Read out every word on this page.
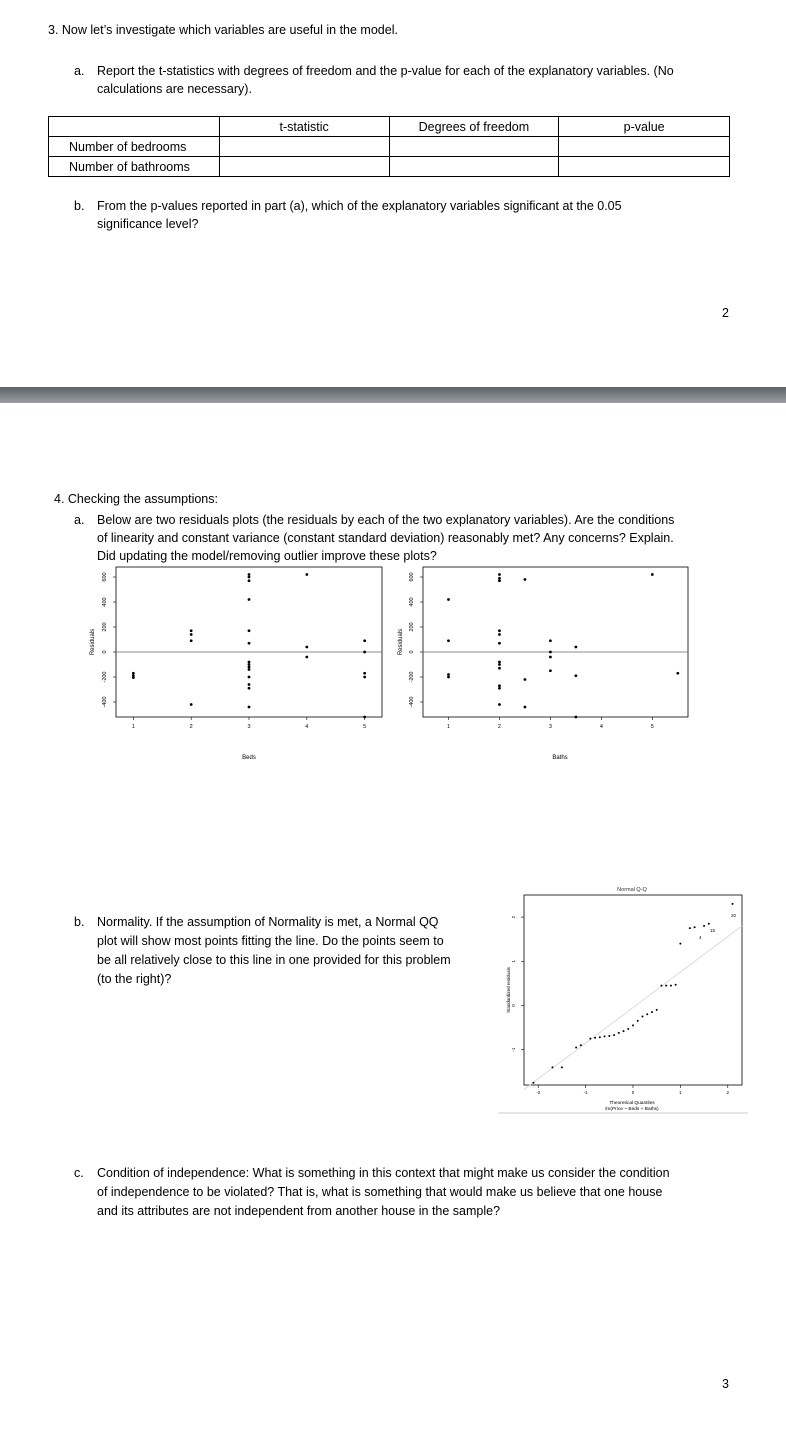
3. Now let’s investigate which variables are useful in the model.
a. Report the t-statistics with degrees of freedom and the p-value for each of the explanatory variables. (No
calculations are necessary).
	t-statistic	Degrees of freedom	p-value
Number of bedrooms			
Number of bathrooms			
b. From the p-values reported in part (a), which of the explanatory variables significant at the 0.05
significance level?
2
4. Checking the assumptions:
a. Below are two residuals plots (the residuals by each of the two explanatory variables). Are the conditions
of linearity and constant variance (constant standard deviation) reasonably met? Any concerns? Explain.
Did updating the model/removing outlier improve these plots?
-400
-200
0
200
400
600
1	2	3	4	5
Residuals
Beds
-400
-200
0
200
400
600
1	2	3	4	5
Residuals
Baths
b. Normality. If the assumption of Normality is met, a Normal QQ
plot will show most points fitting the line. Do the points seem to
be all relatively close to this line in one provided for this problem
(to the right)?
Normal Q-Q
-1
0
1
2
-2	-1	0	1	2
20
15
4
Standardized residuals
Theoretical Quantiles
lm(Price ~ Beds + Baths)
c. Condition of independence: What is something in this context that might make us consider the condition
of independence to be violated? That is, what is something that would make us believe that one house
and its attributes are not independent from another house in the sample?
3
